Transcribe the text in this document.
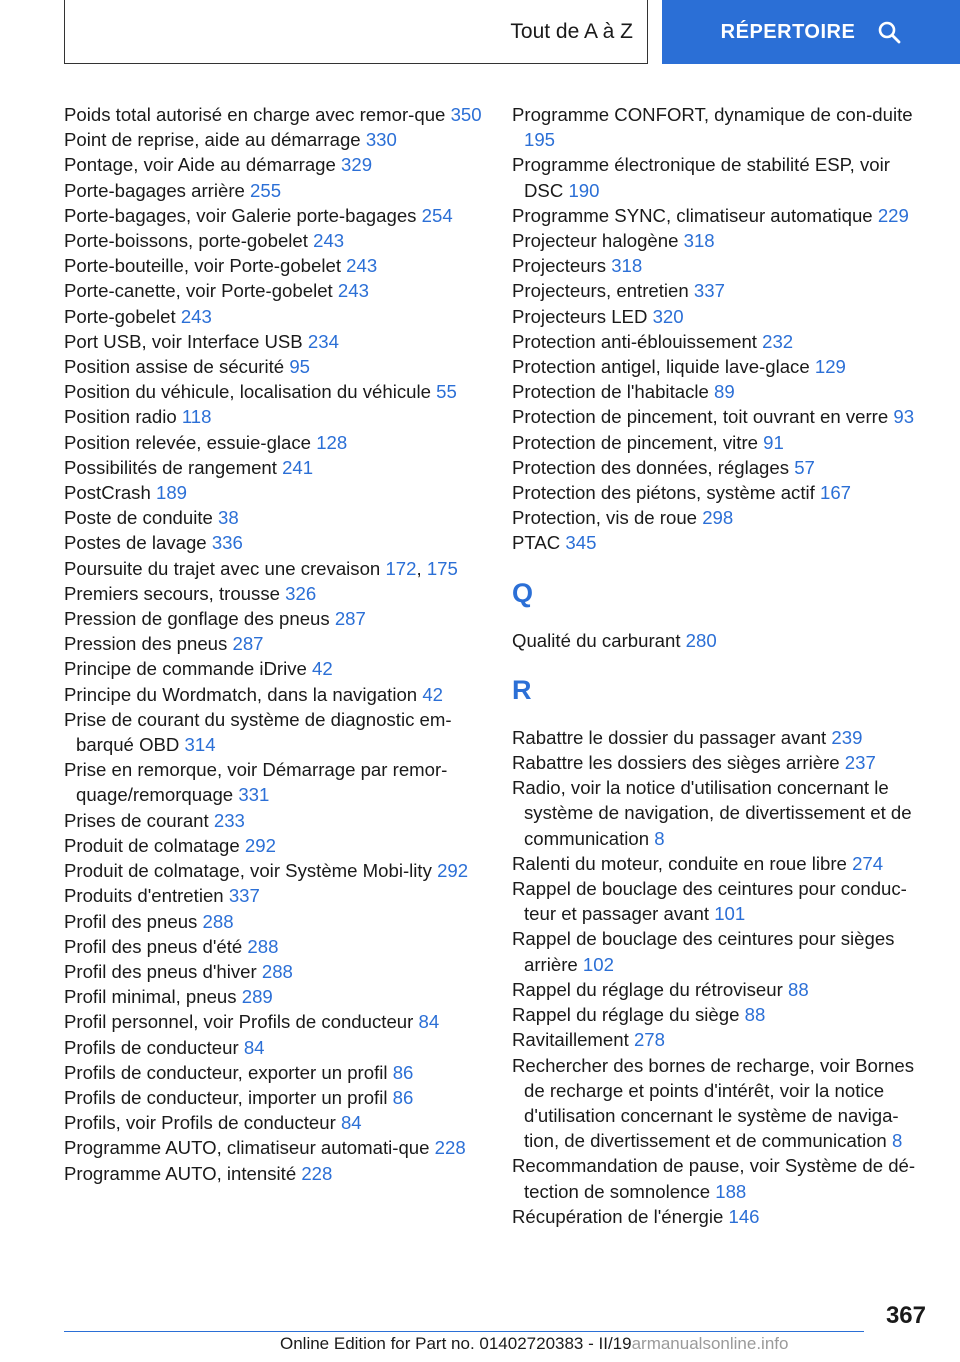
Tout de A à Z	RÉPERTOIRE
Poids total autorisé en charge avec remor-que 350
Point de reprise, aide au démarrage 330
Pontage, voir Aide au démarrage 329
Porte-bagages arrière 255
Porte-bagages, voir Galerie porte-bagages 254
Porte-boissons, porte-gobelet 243
Porte-bouteille, voir Porte-gobelet 243
Porte-canette, voir Porte-gobelet 243
Porte-gobelet 243
Port USB, voir Interface USB 234
Position assise de sécurité 95
Position du véhicule, localisation du véhicule 55
Position radio 118
Position relevée, essuie-glace 128
Possibilités de rangement 241
PostCrash 189
Poste de conduite 38
Postes de lavage 336
Poursuite du trajet avec une crevaison 172, 175
Premiers secours, trousse 326
Pression de gonflage des pneus 287
Pression des pneus 287
Principe de commande iDrive 42
Principe du Wordmatch, dans la navigation 42
Prise de courant du système de diagnostic em-barqué OBD 314
Prise en remorque, voir Démarrage par remor-quage/remorquage 331
Prises de courant 233
Produit de colmatage 292
Produit de colmatage, voir Système Mobi-lity 292
Produits d'entretien 337
Profil des pneus 288
Profil des pneus d'été 288
Profil des pneus d'hiver 288
Profil minimal, pneus 289
Profil personnel, voir Profils de conducteur 84
Profils de conducteur 84
Profils de conducteur, exporter un profil 86
Profils de conducteur, importer un profil 86
Profils, voir Profils de conducteur 84
Programme AUTO, climatiseur automati-que 228
Programme AUTO, intensité 228
Programme CONFORT, dynamique de con-duite 195
Programme électronique de stabilité ESP, voir DSC 190
Programme SYNC, climatiseur automatique 229
Projecteur halogène 318
Projecteurs 318
Projecteurs, entretien 337
Projecteurs LED 320
Protection anti-éblouissement 232
Protection antigel, liquide lave-glace 129
Protection de l'habitacle 89
Protection de pincement, toit ouvrant en verre 93
Protection de pincement, vitre 91
Protection des données, réglages 57
Protection des piétons, système actif 167
Protection, vis de roue 298
PTAC 345
Q
Qualité du carburant 280
R
Rabattre le dossier du passager avant 239
Rabattre les dossiers des sièges arrière 237
Radio, voir la notice d'utilisation concernant le système de navigation, de divertissement et de communication 8
Ralenti du moteur, conduite en roue libre 274
Rappel de bouclage des ceintures pour conduc-teur et passager avant 101
Rappel de bouclage des ceintures pour sièges arrière 102
Rappel du réglage du rétroviseur 88
Rappel du réglage du siège 88
Ravitaillement 278
Rechercher des bornes de recharge, voir Bornes de recharge et points d'intérêt, voir la notice d'utilisation concernant le système de naviga-tion, de divertissement et de communication 8
Recommandation de pause, voir Système de dé-tection de somnolence 188
Récupération de l'énergie 146
367
Online Edition for Part no. 01402720383 - II/19armanualsonline.info
